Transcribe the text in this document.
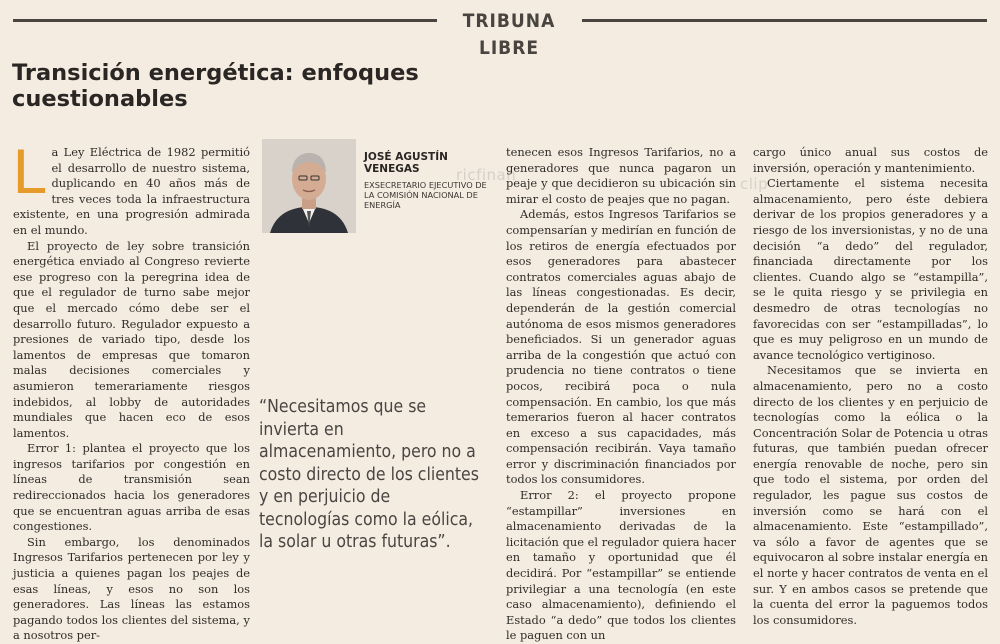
TRIBUNA LIBRE
Transición energética: enfoques cuestionables
ricfinan	clip

La Ley Eléctrica de 1982 permitió el desarrollo de nuestro sistema, duplicando en 40 años más de tres veces toda la infraestructura existente, en una progresión admirada en el mundo.

El proyecto de ley sobre transición energética enviado al Congreso revierte ese progreso con la peregrina idea de que el regulador de turno sabe mejor que el mercado cómo debe ser el desarrollo futuro. Regulador expuesto a presiones de variado tipo, desde los lamentos de empresas que tomaron malas decisiones comerciales y asumieron temerariamente riesgos indebidos, al lobby de autoridades mundiales que hacen eco de esos lamentos.

Error 1: plantea el proyecto que los ingresos tarifarios por congestión en líneas de transmisión sean redireccionados hacia los generadores que se encuentran aguas arriba de esas congestiones.

Sin embargo, los denominados Ingresos Tarifarios pertenecen por ley y justicia a quienes pagan los peajes de esas líneas, y esos no son los generadores. Las líneas las estamos pagando todos los clientes del sistema, y a nosotros per-

JOSÉ AGUSTÍN VENEGAS
EXSECRETARIO EJECUTIVO DE LA COMISIÓN NACIONAL DE ENERGÍA
“Necesitamos que se invierta en almacenamiento, pero no a costo directo de los clientes y en perjuicio de tecnologías como la eólica, la solar u otras futuras”.

tenecen esos Ingresos Tarifarios, no a generadores que nunca pagaron un peaje y que decidieron su ubicación sin mirar el costo de peajes que no pagan.

Además, estos Ingresos Tarifarios se compensarían y medirían en función de los retiros de energía efectuados por esos generadores para abastecer contratos comerciales aguas abajo de las líneas congestionadas. Es decir, dependerán de la gestión comercial autónoma de esos mismos generadores beneficiados. Si un generador aguas arriba de la congestión que actuó con prudencia no tiene contratos o tiene pocos, recibirá poca o nula compensación. En cambio, los que más temerarios fueron al hacer contratos en exceso a sus capacidades, más compensación recibirán. Vaya tamaño error y discriminación financiados por todos los consumidores.

Error 2: el proyecto propone “estampillar” inversiones en almacenamiento derivadas de la licitación que el regulador quiera hacer en tamaño y oportunidad que él decidirá. Por “estampillar” se entiende privilegiar a una tecnología (en este caso almacenamiento), definiendo el Estado “a dedo” que todos los clientes le paguen con un

cargo único anual sus costos de inversión, operación y mantenimiento.

Ciertamente el sistema necesita almacenamiento, pero éste debiera derivar de los propios generadores y a riesgo de los inversionistas, y no de una decisión “a dedo” del regulador, financiada directamente por los clientes. Cuando algo se “estampilla”, se le quita riesgo y se privilegia en desmedro de otras tecnologías no favorecidas con ser “estampilladas”, lo que es muy peligroso en un mundo de avance tecnológico vertiginoso.

Necesitamos que se invierta en almacenamiento, pero no a costo directo de los clientes y en perjuicio de tecnologías como la eólica o la Concentración Solar de Potencia u otras futuras, que también puedan ofrecer energía renovable de noche, pero sin que todo el sistema, por orden del regulador, les pague sus costos de inversión como se hará con el almacenamiento. Este “estampillado”, va sólo a favor de agentes que se equivocaron al sobre instalar energía en el norte y hacer contratos de venta en el sur. Y en ambos casos se pretende que la cuenta del error la paguemos todos los consumidores.
